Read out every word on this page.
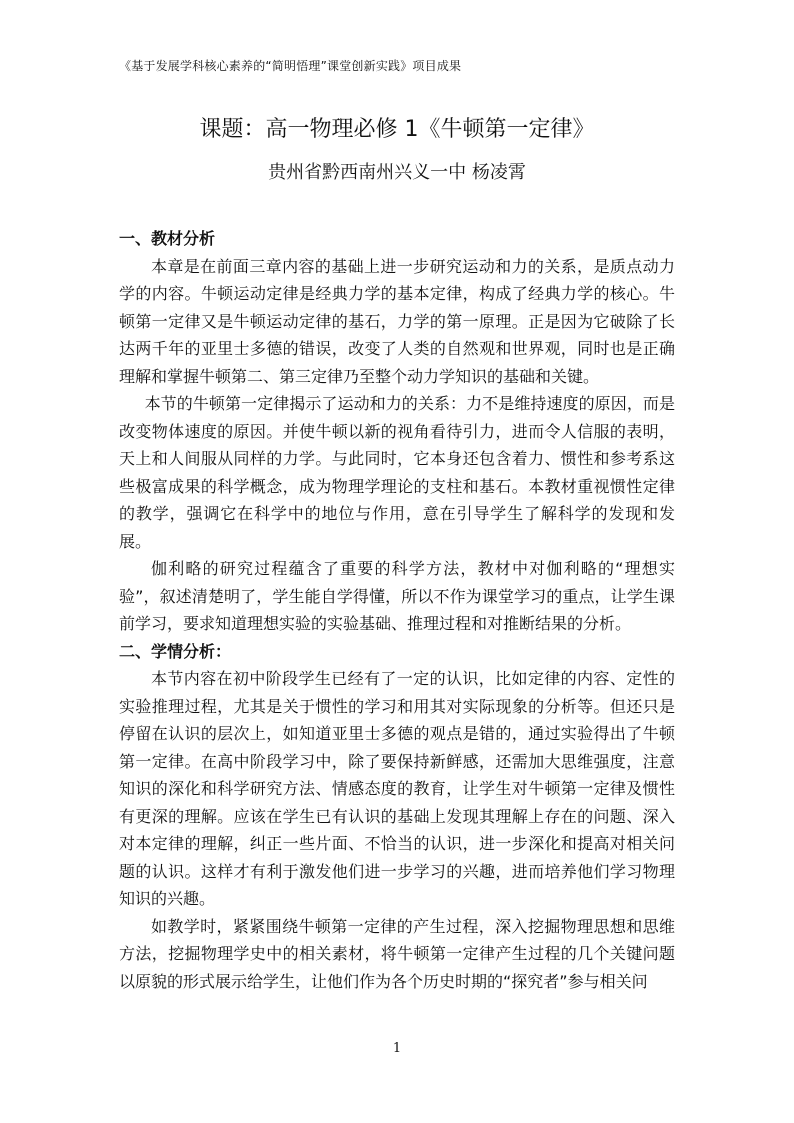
《基于发展学科核心素养的“简明悟理”课堂创新实践》项目成果
课题：高一物理必修 1《牛顿第一定律》
贵州省黔西南州兴义一中 杨凌霄
一、教材分析

本章是在前面三章内容的基础上进一步研究运动和力的关系，是质点动力学的内容。牛顿运动定律是经典力学的基本定律，构成了经典力学的核心。牛顿第一定律又是牛顿运动定律的基石，力学的第一原理。正是因为它破除了长达两千年的亚里士多德的错误，改变了人类的自然观和世界观，同时也是正确理解和掌握牛顿第二、第三定律乃至整个动力学知识的基础和关键。

本节的牛顿第一定律揭示了运动和力的关系：力不是维持速度的原因，而是改变物体速度的原因。并使牛顿以新的视角看待引力，进而令人信服的表明，天上和人间服从同样的力学。与此同时，它本身还包含着力、惯性和参考系这些极富成果的科学概念，成为物理学理论的支柱和基石。本教材重视惯性定律的教学，强调它在科学中的地位与作用，意在引导学生了解科学的发现和发展。

伽利略的研究过程蕴含了重要的科学方法，教材中对伽利略的“理想实验”，叙述清楚明了，学生能自学得懂，所以不作为课堂学习的重点，让学生课前学习，要求知道理想实验的实验基础、推理过程和对推断结果的分析。

二、学情分析：

本节内容在初中阶段学生已经有了一定的认识，比如定律的内容、定性的实验推理过程，尤其是关于惯性的学习和用其对实际现象的分析等。但还只是停留在认识的层次上，如知道亚里士多德的观点是错的，通过实验得出了牛顿第一定律。在高中阶段学习中，除了要保持新鲜感，还需加大思维强度，注意知识的深化和科学研究方法、情感态度的教育，让学生对牛顿第一定律及惯性有更深的理解。应该在学生已有认识的基础上发现其理解上存在的问题、深入对本定律的理解，纠正一些片面、不恰当的认识，进一步深化和提高对相关问题的认识。这样才有利于激发他们进一步学习的兴趣，进而培养他们学习物理知识的兴趣。

如教学时，紧紧围绕牛顿第一定律的产生过程，深入挖掘物理思想和思维方法，挖掘物理学史中的相关素材，将牛顿第一定律产生过程的几个关键问题以原貌的形式展示给学生，让他们作为各个历史时期的“探究者”参与相关问

1
